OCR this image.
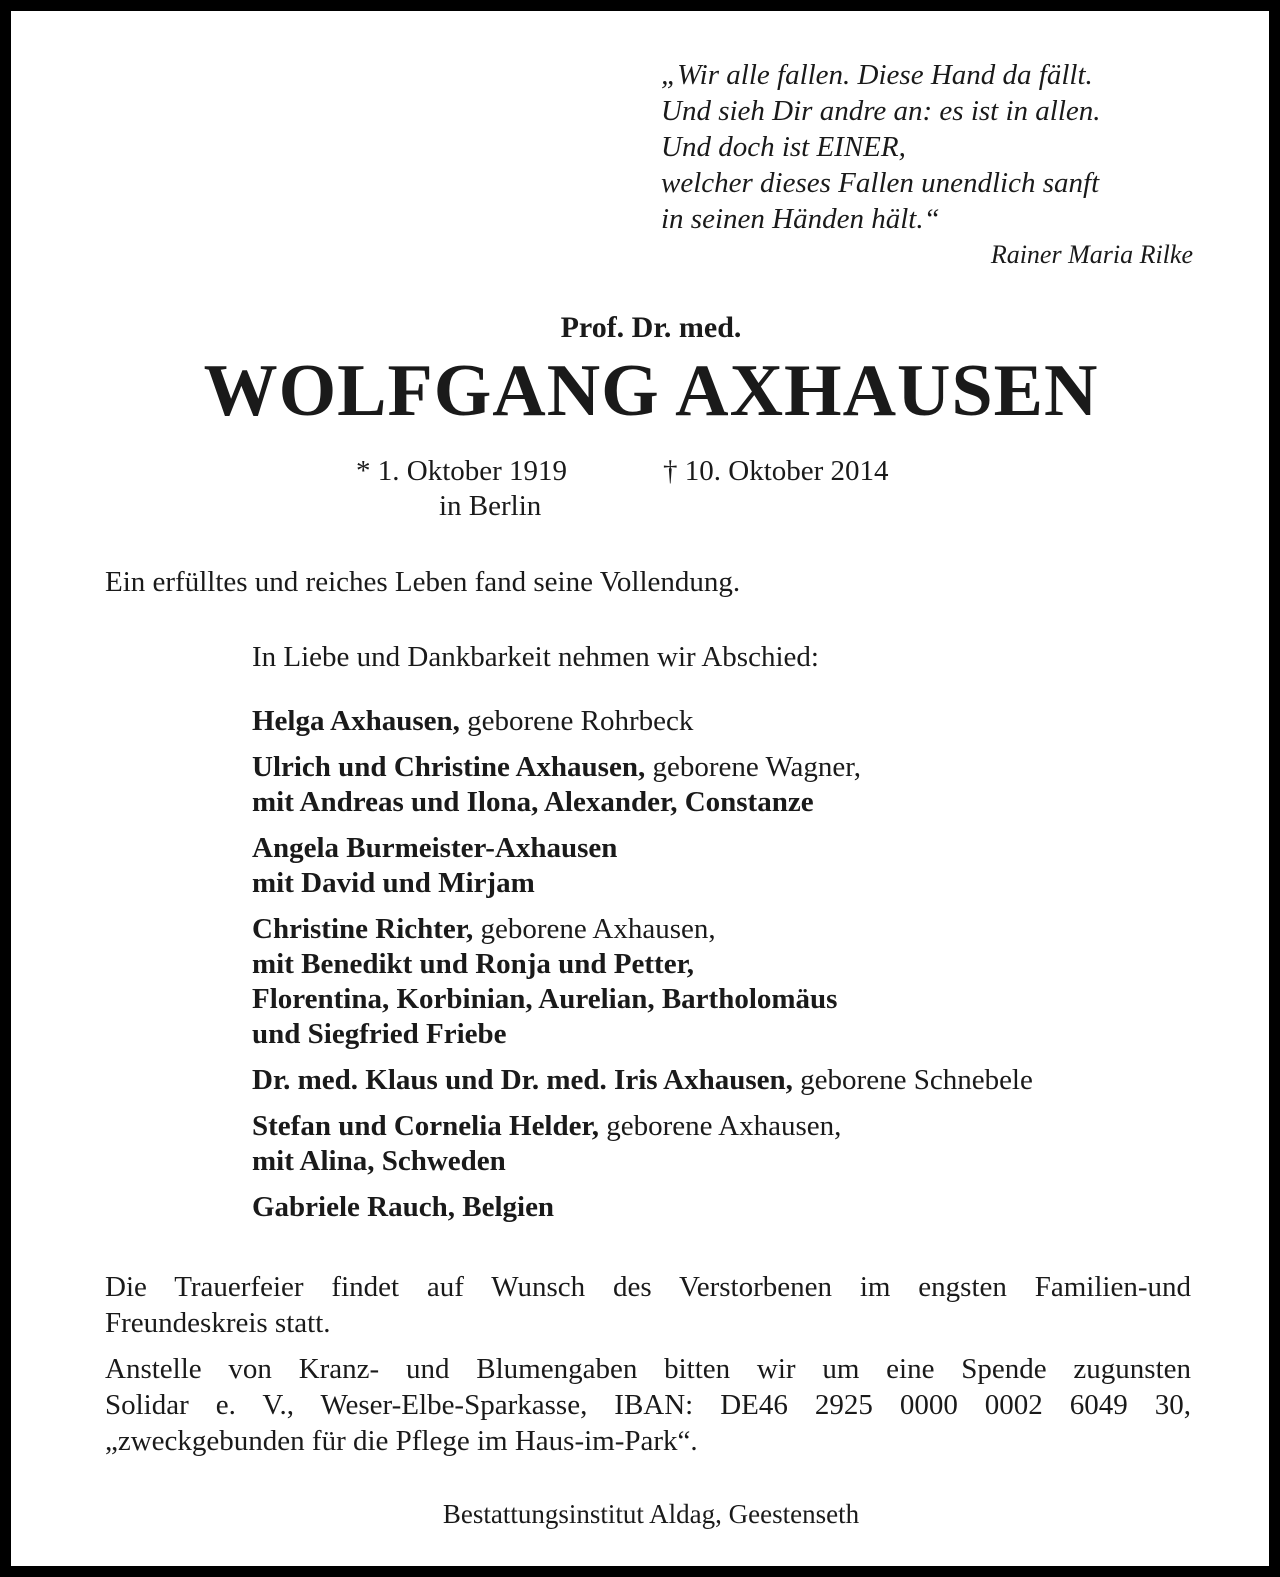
„Wir alle fallen. Diese Hand da fällt.
Und sieh Dir andre an: es ist in allen.
Und doch ist EINER,
welcher dieses Fallen unendlich sanft
in seinen Händen hält.“
Rainer Maria Rilke
Prof. Dr. med.
WOLFGANG AXHAUSEN
* 1. Oktober 1919	† 10. Oktober 2014
in Berlin
Ein erfülltes und reiches Leben fand seine Vollendung.
In Liebe und Dankbarkeit nehmen wir Abschied:
Helga Axhausen, geborene Rohrbeck
Ulrich und Christine Axhausen, geborene Wagner,
mit Andreas und Ilona, Alexander, Constanze
Angela Burmeister-Axhausen
mit David und Mirjam
Christine Richter, geborene Axhausen,
mit Benedikt und Ronja und Petter,
Florentina, Korbinian, Aurelian, Bartholomäus
und Siegfried Friebe
Dr. med. Klaus und Dr. med. Iris Axhausen, geborene Schnebele
Stefan und Cornelia Helder, geborene Axhausen,
mit Alina, Schweden
Gabriele Rauch, Belgien
Die Trauerfeier findet auf Wunsch des Verstorbenen im engsten Familien-und
Freundeskreis statt.
Anstelle von Kranz- und Blumengaben bitten wir um eine Spende zugunsten
Solidar e. V., Weser-Elbe-Sparkasse, IBAN: DE46 2925 0000 0002 6049 30,
„zweckgebunden für die Pflege im Haus-im-Park“.
Bestattungsinstitut Aldag, Geestenseth
